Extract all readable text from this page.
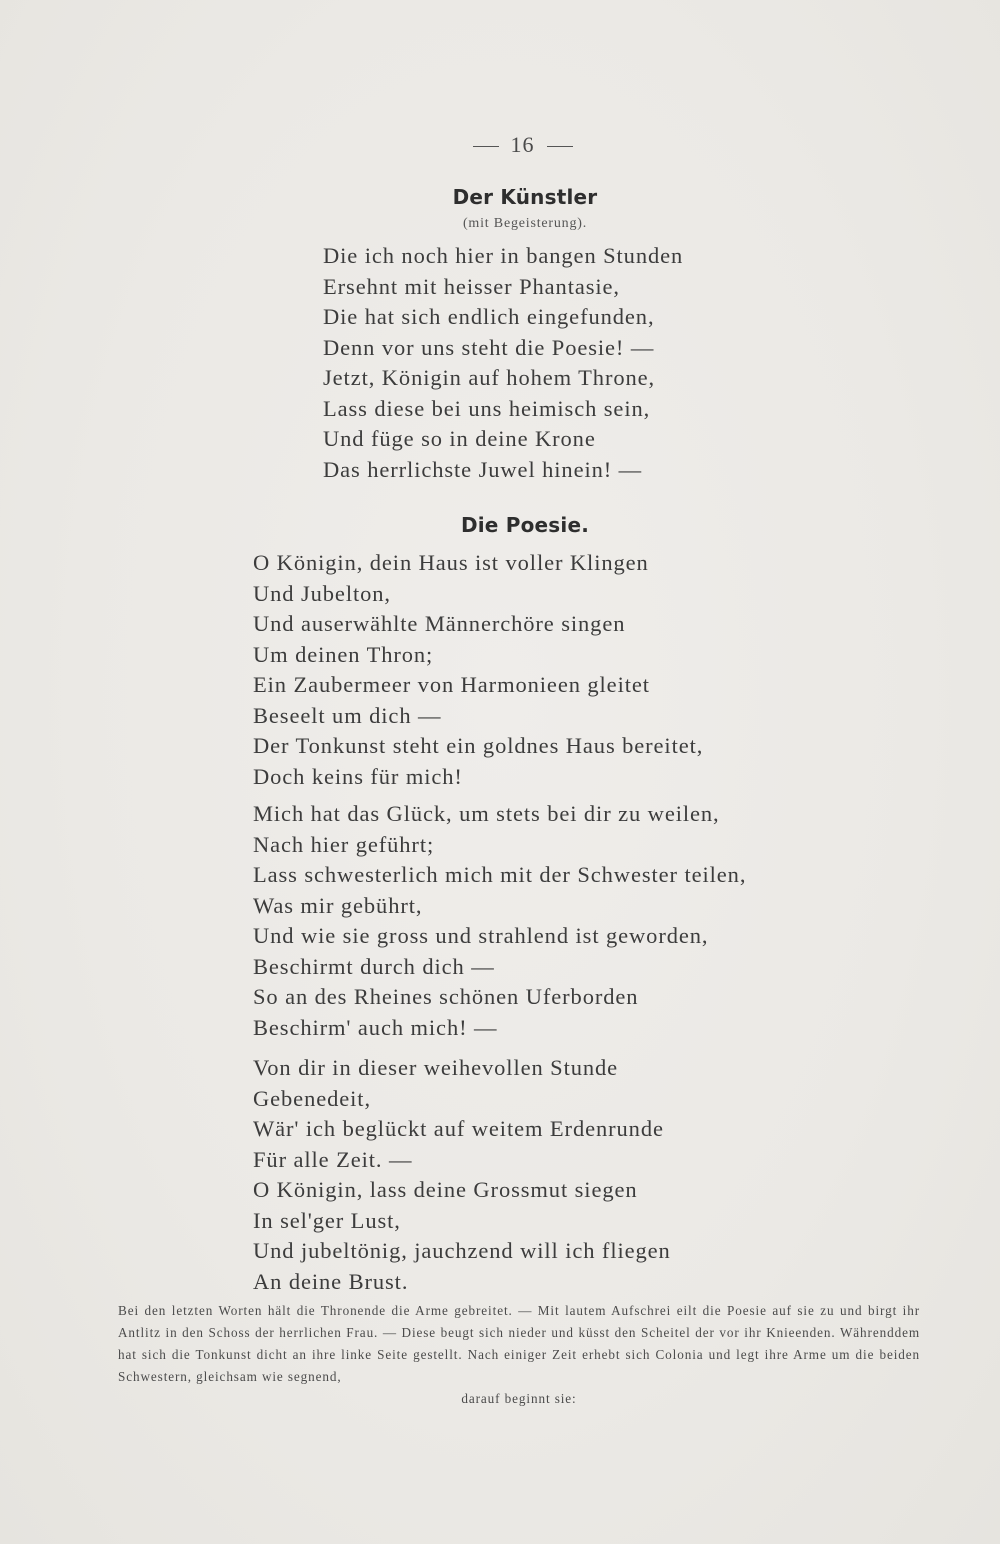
16
Der Künstler
(mit Begeisterung).
Die ich noch hier in bangen Stunden
Ersehnt mit heisser Phantasie,
Die hat sich endlich eingefunden,
Denn vor uns steht die Poesie! —
Jetzt, Königin auf hohem Throne,
Lass diese bei uns heimisch sein,
Und füge so in deine Krone
Das herrlichste Juwel hinein! —
Die Poesie.
O Königin, dein Haus ist voller Klingen
Und Jubelton,
Und auserwählte Männerchöre singen
Um deinen Thron;
Ein Zaubermeer von Harmonieen gleitet
Beseelt um dich —
Der Tonkunst steht ein goldnes Haus bereitet,
Doch keins für mich!
Mich hat das Glück, um stets bei dir zu weilen,
Nach hier geführt;
Lass schwesterlich mich mit der Schwester teilen,
Was mir gebührt,
Und wie sie gross und strahlend ist geworden,
Beschirmt durch dich —
So an des Rheines schönen Uferborden
Beschirm' auch mich! —
Von dir in dieser weihevollen Stunde
Gebenedeit,
Wär' ich beglückt auf weitem Erdenrunde
Für alle Zeit. —
O Königin, lass deine Grossmut siegen
In sel'ger Lust,
Und jubeltönig, jauchzend will ich fliegen
An deine Brust.
Bei den letzten Worten hält die Thronende die Arme gebreitet. — Mit lautem Aufschrei eilt die Poesie auf sie zu und birgt ihr Antlitz in den Schoss der herrlichen Frau. — Diese beugt sich nieder und küsst den Scheitel der vor ihr Knieenden. Währenddem hat sich die Tonkunst dicht an ihre linke Seite gestellt. Nach einiger Zeit erhebt sich Colonia und legt ihre Arme um die beiden Schwestern, gleichsam wie segnend,
darauf beginnt sie:
